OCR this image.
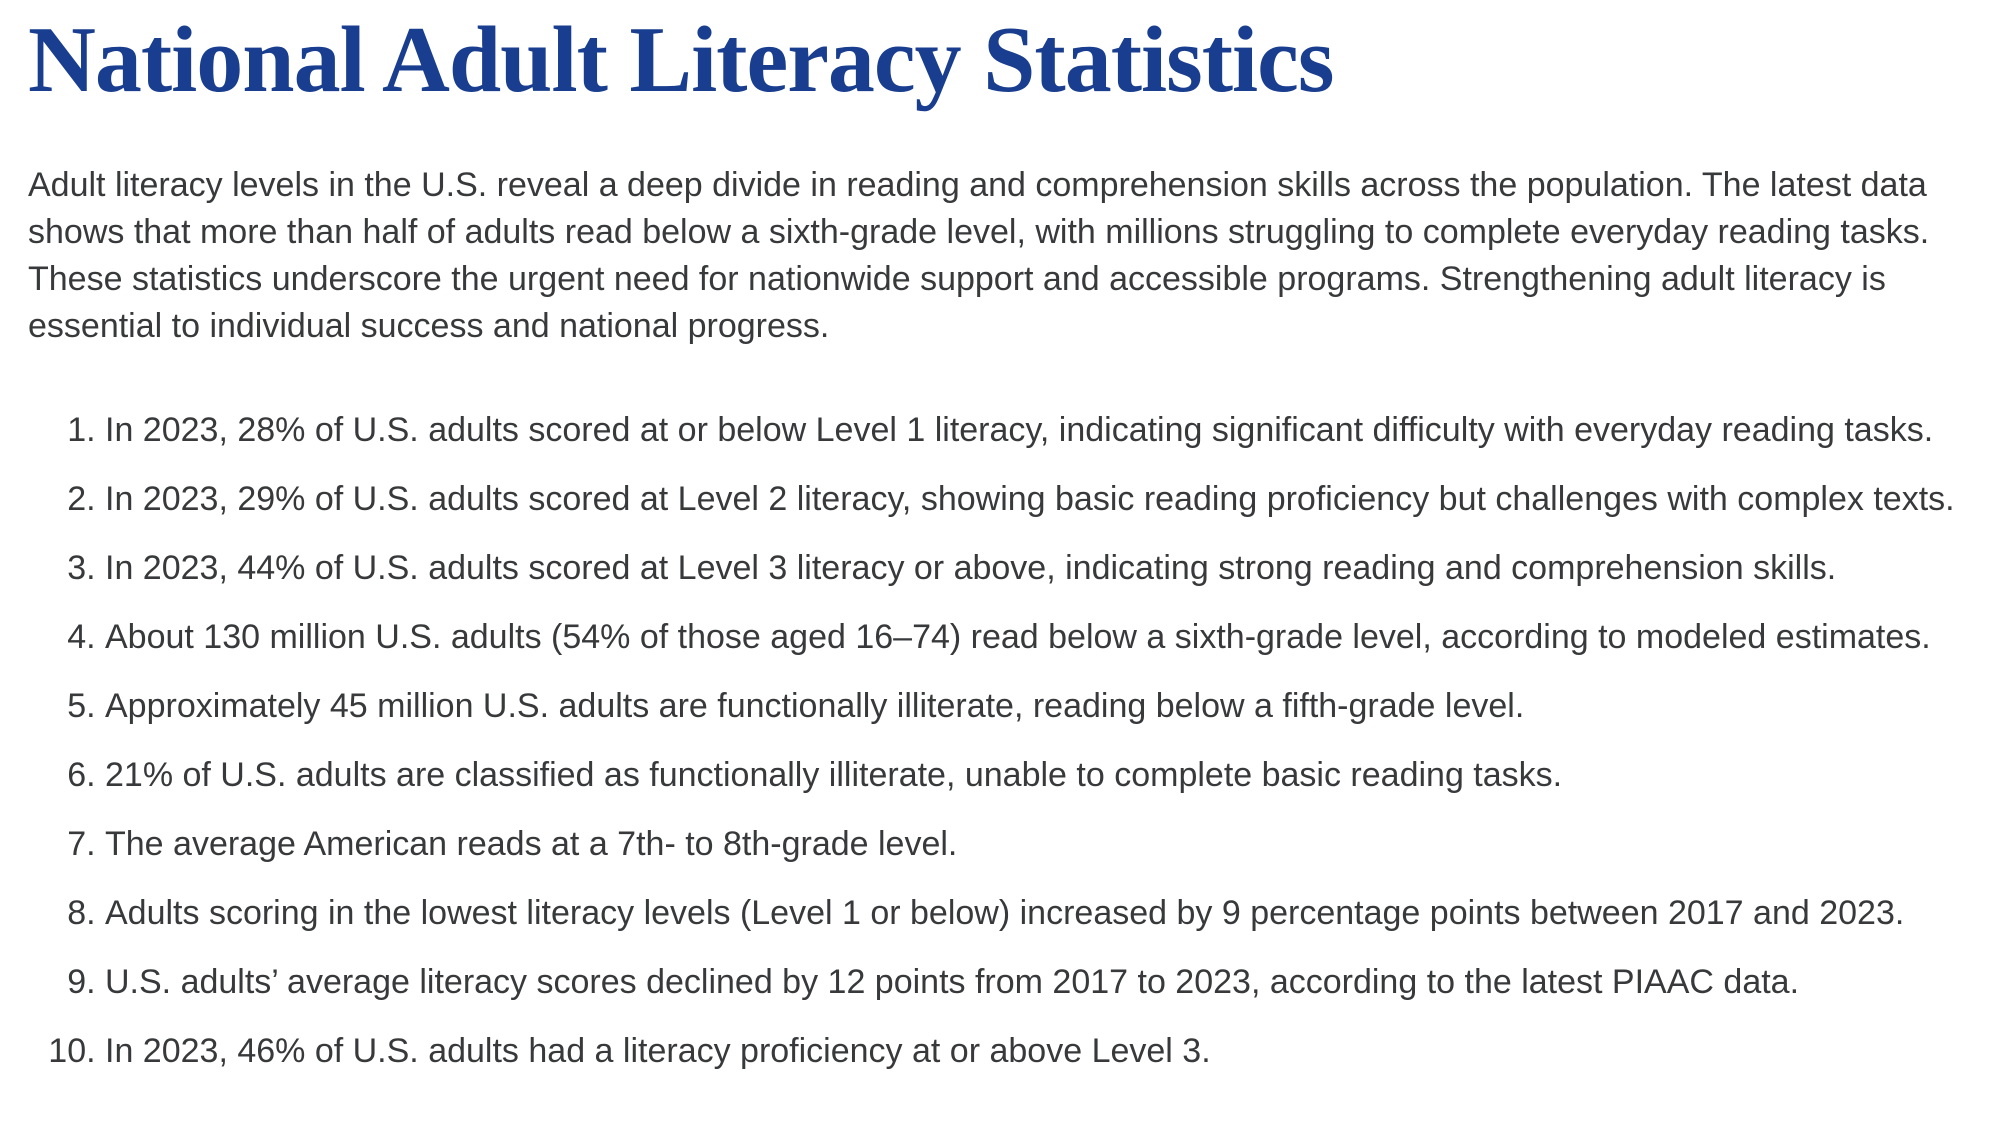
National Adult Literacy Statistics

Adult literacy levels in the U.S. reveal a deep divide in reading and comprehension skills across the population. The latest data shows that more than half of adults read below a sixth-grade level, with millions struggling to complete everyday reading tasks. These statistics underscore the urgent need for nationwide support and accessible programs. Strengthening adult literacy is essential to individual success and national progress.

1. In 2023, 28% of U.S. adults scored at or below Level 1 literacy, indicating significant difficulty with everyday reading tasks.
2. In 2023, 29% of U.S. adults scored at Level 2 literacy, showing basic reading proficiency but challenges with complex texts.
3. In 2023, 44% of U.S. adults scored at Level 3 literacy or above, indicating strong reading and comprehension skills.
4. About 130 million U.S. adults (54% of those aged 16–74) read below a sixth-grade level, according to modeled estimates.
5. Approximately 45 million U.S. adults are functionally illiterate, reading below a fifth-grade level.
6. 21% of U.S. adults are classified as functionally illiterate, unable to complete basic reading tasks.
7. The average American reads at a 7th- to 8th-grade level.
8. Adults scoring in the lowest literacy levels (Level 1 or below) increased by 9 percentage points between 2017 and 2023.
9. U.S. adults’ average literacy scores declined by 12 points from 2017 to 2023, according to the latest PIAAC data.
10. In 2023, 46% of U.S. adults had a literacy proficiency at or above Level 3.
